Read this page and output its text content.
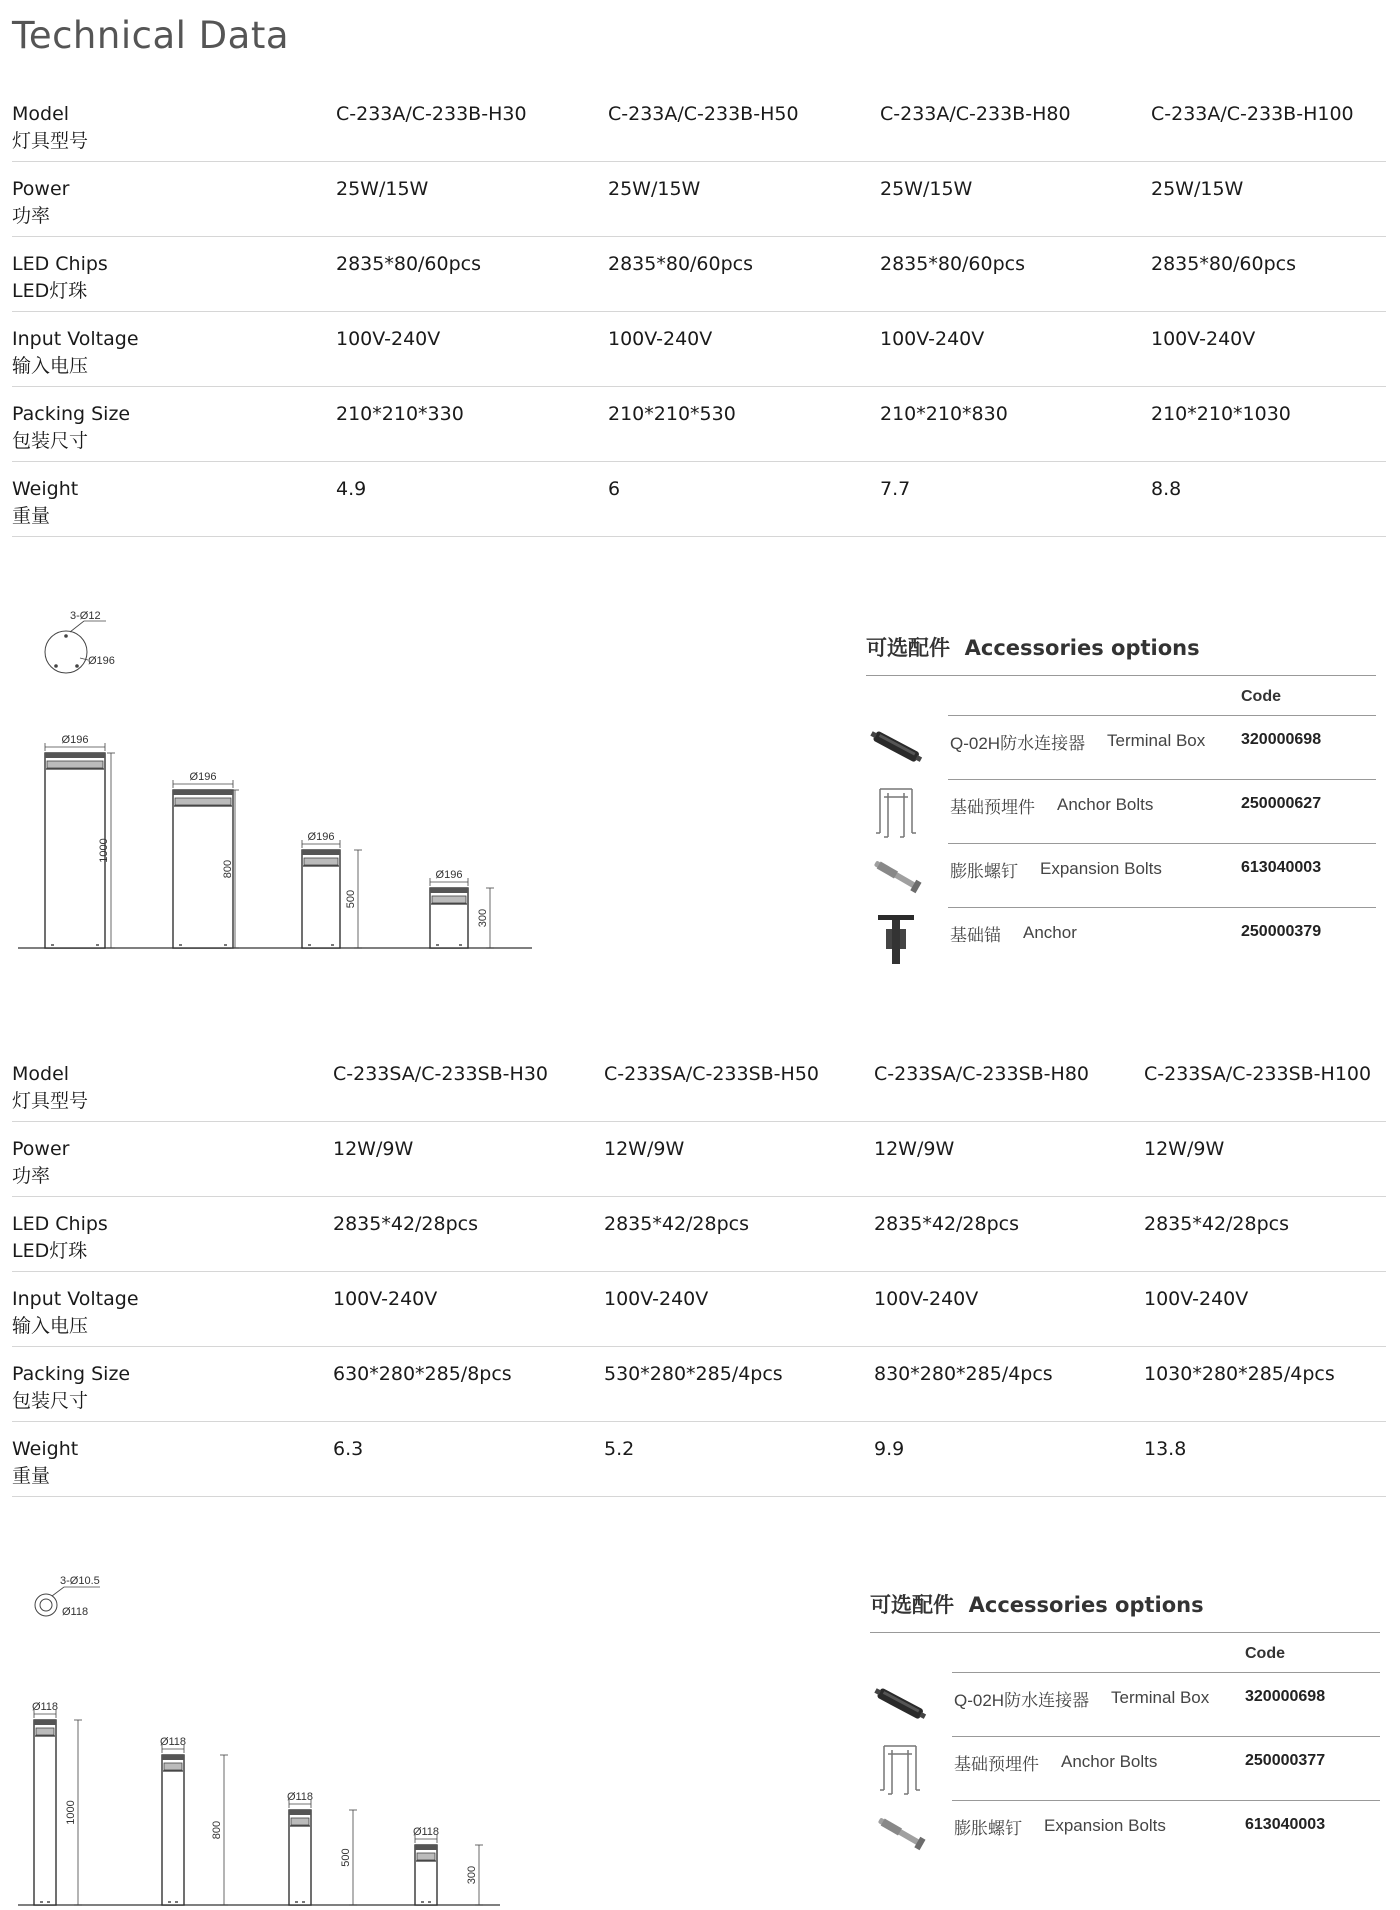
Technical Data
Model
灯具型号
C-233A/C-233B-H30	C-233A/C-233B-H50	C-233A/C-233B-H80	C-233A/C-233B-H100
Power
功率
25W/15W	25W/15W	25W/15W	25W/15W
LED Chips
LED灯珠
2835*80/60pcs	2835*80/60pcs	2835*80/60pcs	2835*80/60pcs
Input Voltage
输入电压
100V-240V	100V-240V	100V-240V	100V-240V
Packing Size
包装尺寸
210*210*330	210*210*530	210*210*830	210*210*1030
Weight
重量
4.9	6	7.7	8.8
3-Ø12
Ø196
Ø196
1000
Ø196
800
Ø196
500
Ø196
300
可选配件 Accessories options
Code
Q-02H防水连接器 Terminal Box 320000698
基础预埋件 Anchor Bolts	250000627
膨胀螺钉 Expansion Bolts	613040003
基础锚 Anchor	250000379
Model
灯具型号
C-233SA/C-233SB-H30	C-233SA/C-233SB-H50	C-233SA/C-233SB-H80	C-233SA/C-233SB-H100
Power
功率
12W/9W	12W/9W	12W/9W	12W/9W
LED Chips
LED灯珠
2835*42/28pcs	2835*42/28pcs	2835*42/28pcs	2835*42/28pcs
Input Voltage
输入电压
100V-240V	100V-240V	100V-240V	100V-240V
Packing Size
包装尺寸
630*280*285/8pcs	530*280*285/4pcs	830*280*285/4pcs	1030*280*285/4pcs
Weight
重量
6.3	5.2	9.9	13.8
3-Ø10.5
Ø118
Ø118
1000
Ø118
800
Ø118
500
Ø118
300
可选配件 Accessories options
Code
Q-02H防水连接器 Terminal Box 320000698
基础预埋件 Anchor Bolts	250000377
膨胀螺钉 Expansion Bolts	613040003
